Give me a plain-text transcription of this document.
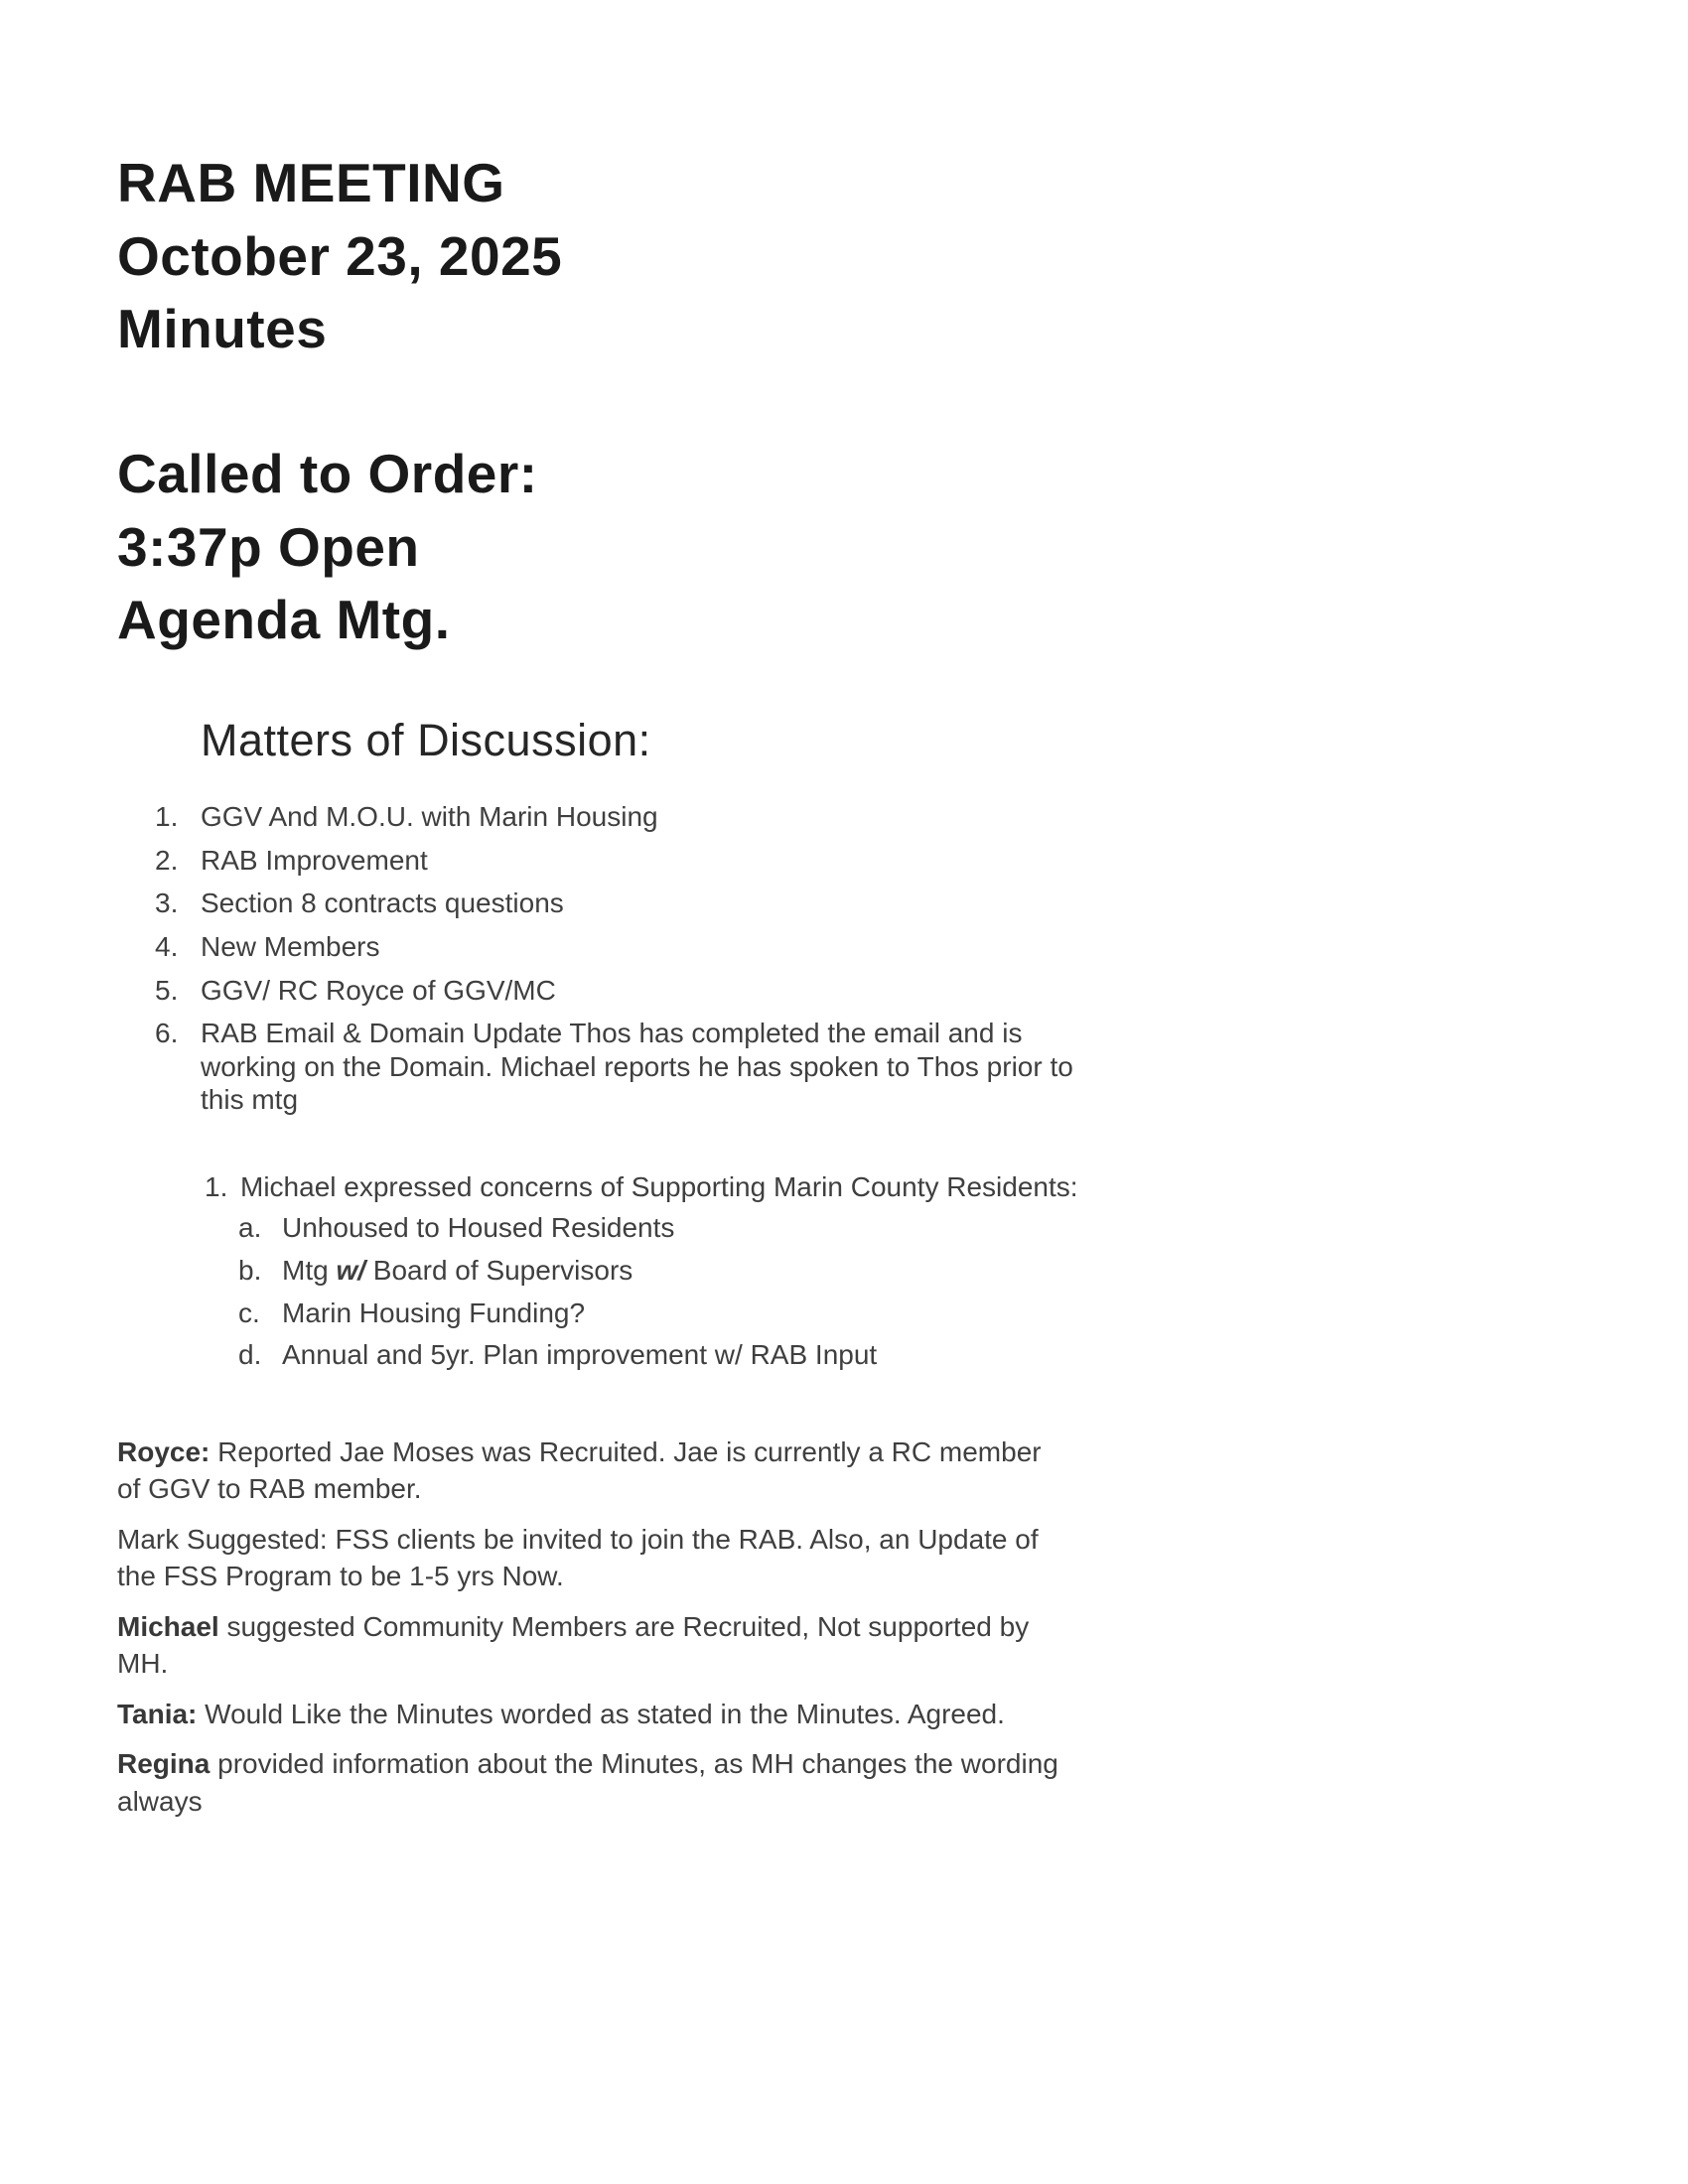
RAB MEETING
October 23, 2025
Minutes
Called to Order:
3:37p Open
Agenda Mtg.
Matters of Discussion:
1. GGV And M.O.U. with Marin Housing
2. RAB Improvement
3. Section 8 contracts questions
4. New Members
5. GGV/ RC Royce of GGV/MC
6. RAB Email & Domain Update Thos has completed the email and is working on the Domain. Michael reports he has spoken to Thos prior to this mtg
1. Michael expressed concerns of Supporting Marin County Residents:
a. Unhoused to Housed Residents
b. Mtg w/ Board of Supervisors
c. Marin Housing Funding?
d. Annual and 5yr. Plan improvement w/ RAB Input

Royce: Reported Jae Moses was Recruited. Jae is currently a RC member of GGV to RAB member.

Mark Suggested: FSS clients be invited to join the RAB. Also, an Update of the FSS Program to be 1-5 yrs Now.

Michael suggested Community Members are Recruited, Not supported by MH.

Tania: Would Like the Minutes worded as stated in the Minutes. Agreed.

Regina provided information about the Minutes, as MH changes the wording always
